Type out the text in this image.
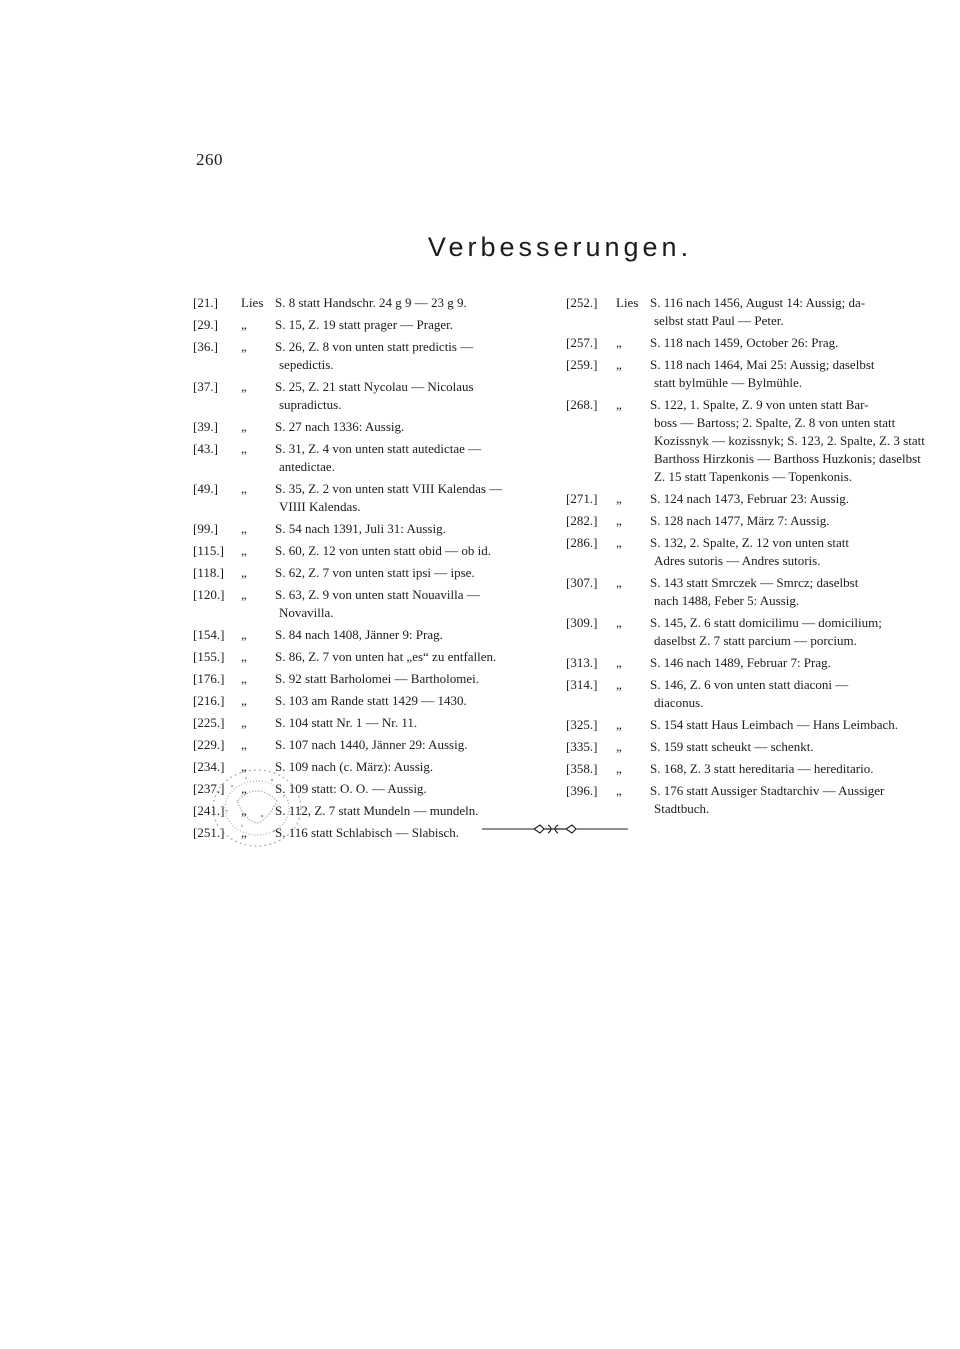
260
Verbesserungen.
[21.]	Lies S. 8 statt Handschr. 24 g 9 — 23 g 9.
[29.]	„	S. 15, Z. 19 statt prager — Prager.
[36.]	„	S. 26, Z. 8 von unten statt predictis —
sepedictis.
[37.]	„	S. 25, Z. 21 statt Nycolau — Nicolaus
supradictus.
[39.]	„	S. 27 nach 1336: Aussig.
[43.]	„	S. 31, Z. 4 von unten statt autedictae —
antedictae.
[49.]	„	S. 35, Z. 2 von unten statt VIII Kalendas —
VIIII Kalendas.
[99.]	„	S. 54 nach 1391, Juli 31: Aussig.
[115.]	„	S. 60, Z. 12 von unten statt obid — ob id.
[118.]	„	S. 62, Z. 7 von unten statt ipsi — ipse.
[120.]	„	S. 63, Z. 9 von unten statt Nouavilla —
Novavilla.
[154.]	„	S. 84 nach 1408, Jänner 9: Prag.
[155.]	„	S. 86, Z. 7 von unten hat „es“ zu entfallen.
[176.]	„	S. 92 statt Barholomei — Bartholomei.
[216.]	„	S. 103 am Rande statt 1429 — 1430.
[225.]	„	S. 104 statt Nr. 1 — Nr. 11.
[229.]	„	S. 107 nach 1440, Jänner 29: Aussig.
[234.]	„	S. 109 nach (c. März): Aussig.
[237.]	„	S. 109 statt: O. O. — Aussig.
[241.]	„	S. 112, Z. 7 statt Mundeln — mundeln.
[251.]	„	S. 116 statt Schlabisch — Slabisch.
[252.]	Lies S. 116 nach 1456, August 14: Aussig; da-
selbst statt Paul — Peter.
[257.]	„	S. 118 nach 1459, October 26: Prag.
[259.]	„	S. 118 nach 1464, Mai 25: Aussig; daselbst
statt bylmühle — Bylmühle.
[268.]	„	S. 122, 1. Spalte, Z. 9 von unten statt Bar-
boss — Bartoss; 2. Spalte, Z. 8 von unten statt Kozissnyk — kozissnyk; S. 123, 2. Spalte, Z. 3 statt Barthoss Hirzkonis — Barthoss Huzkonis; daselbst Z. 15 statt Tapenkonis — Topenkonis.
[271.]	„	S. 124 nach 1473, Februar 23: Aussig.
[282.]	„	S. 128 nach 1477, März 7: Aussig.
[286.]	„	S. 132, 2. Spalte, Z. 12 von unten statt
Adres sutoris — Andres sutoris.
[307.]	„	S. 143 statt Smrczek — Smrcz; daselbst
nach 1488, Feber 5: Aussig.
[309.]	„	S. 145, Z. 6 statt domicilimu — domicilium;
daselbst Z. 7 statt parcium — porcium.
[313.]	„	S. 146 nach 1489, Februar 7: Prag.
[314.]	„	S. 146, Z. 6 von unten statt diaconi —
diaconus.
[325.]	„	S. 154 statt Haus Leimbach — Hans Leimbach.
[335.]	„	S. 159 statt scheukt — schenkt.
[358.]	„	S. 168, Z. 3 statt hereditaria — hereditario.
[396.]	„	S. 176 statt Aussiger Stadtarchiv — Aussiger
Stadtbuch.
